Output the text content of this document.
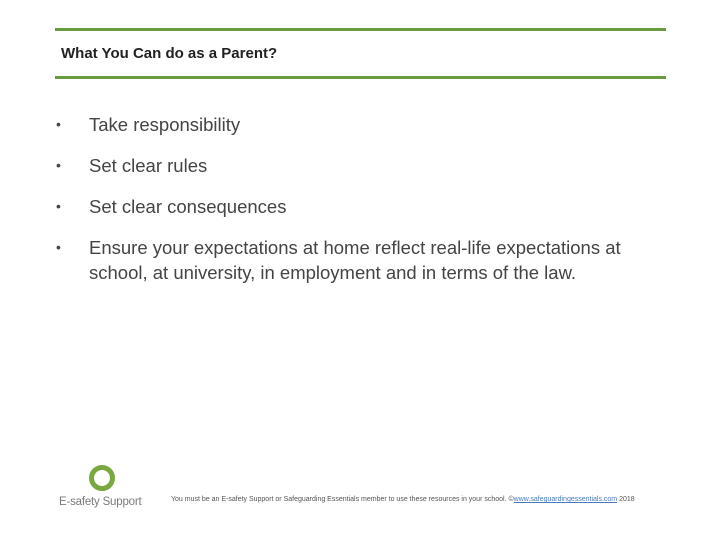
What You Can do as a Parent?
• Take responsibility
• Set clear rules
• Set clear consequences
• Ensure your expectations at home reflect real-life expectations at school, at university, in employment and in terms of the law.
E-safety Support	You must be an E-safety Support or Safeguarding Essentials member to use these resources in your school. ©www.safeguardingessentials.com 2018
